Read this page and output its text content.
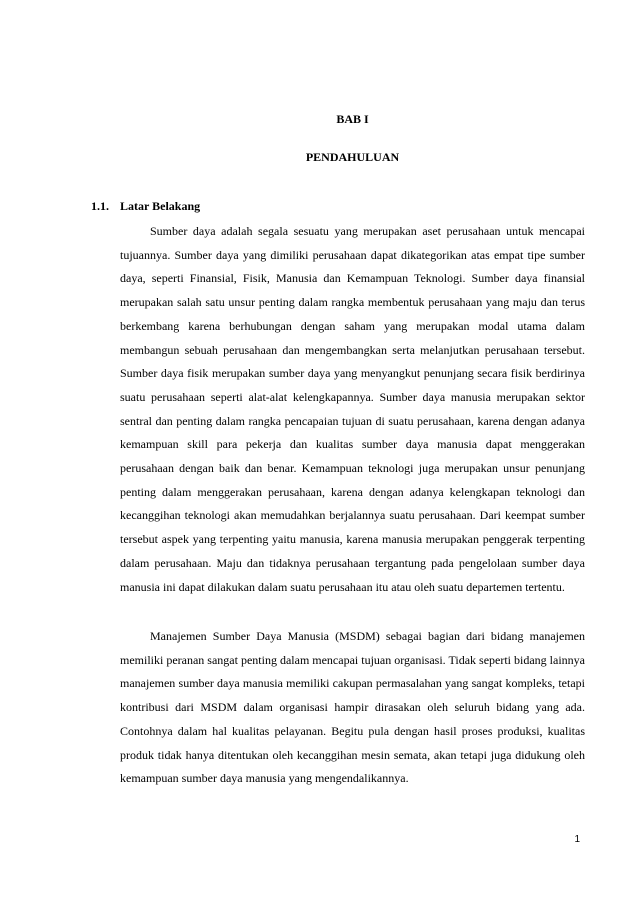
BAB I
PENDAHULUAN
1.1. Latar Belakang

Sumber daya adalah segala sesuatu yang merupakan aset perusahaan untuk mencapai tujuannya. Sumber daya yang dimiliki perusahaan dapat dikategorikan atas empat tipe sumber daya, seperti Finansial, Fisik, Manusia dan Kemampuan Teknologi. Sumber daya finansial merupakan salah satu unsur penting dalam rangka membentuk perusahaan yang maju dan terus berkembang karena berhubungan dengan saham yang merupakan modal utama dalam membangun sebuah perusahaan dan mengembangkan serta melanjutkan perusahaan tersebut. Sumber daya fisik merupakan sumber daya yang menyangkut penunjang secara fisik berdirinya suatu perusahaan seperti alat-alat kelengkapannya. Sumber daya manusia merupakan sektor sentral dan penting dalam rangka pencapaian tujuan di suatu perusahaan, karena dengan adanya kemampuan skill para pekerja dan kualitas sumber daya manusia dapat menggerakan perusahaan dengan baik dan benar. Kemampuan teknologi juga merupakan unsur penunjang penting dalam menggerakan perusahaan, karena dengan adanya kelengkapan teknologi dan kecanggihan teknologi akan memudahkan berjalannya suatu perusahaan. Dari keempat sumber tersebut aspek yang terpenting yaitu manusia, karena manusia merupakan penggerak terpenting dalam perusahaan. Maju dan tidaknya perusahaan tergantung pada pengelolaan sumber daya manusia ini dapat dilakukan dalam suatu perusahaan itu atau oleh suatu departemen tertentu.

Manajemen Sumber Daya Manusia (MSDM) sebagai bagian dari bidang manajemen memiliki peranan sangat penting dalam mencapai tujuan organisasi. Tidak seperti bidang lainnya manajemen sumber daya manusia memiliki cakupan permasalahan yang sangat kompleks, tetapi kontribusi dari MSDM dalam organisasi hampir dirasakan oleh seluruh bidang yang ada. Contohnya dalam hal kualitas pelayanan. Begitu pula dengan hasil proses produksi, kualitas produk tidak hanya ditentukan oleh kecanggihan mesin semata, akan tetapi juga didukung oleh kemampuan sumber daya manusia yang mengendalikannya.

1
